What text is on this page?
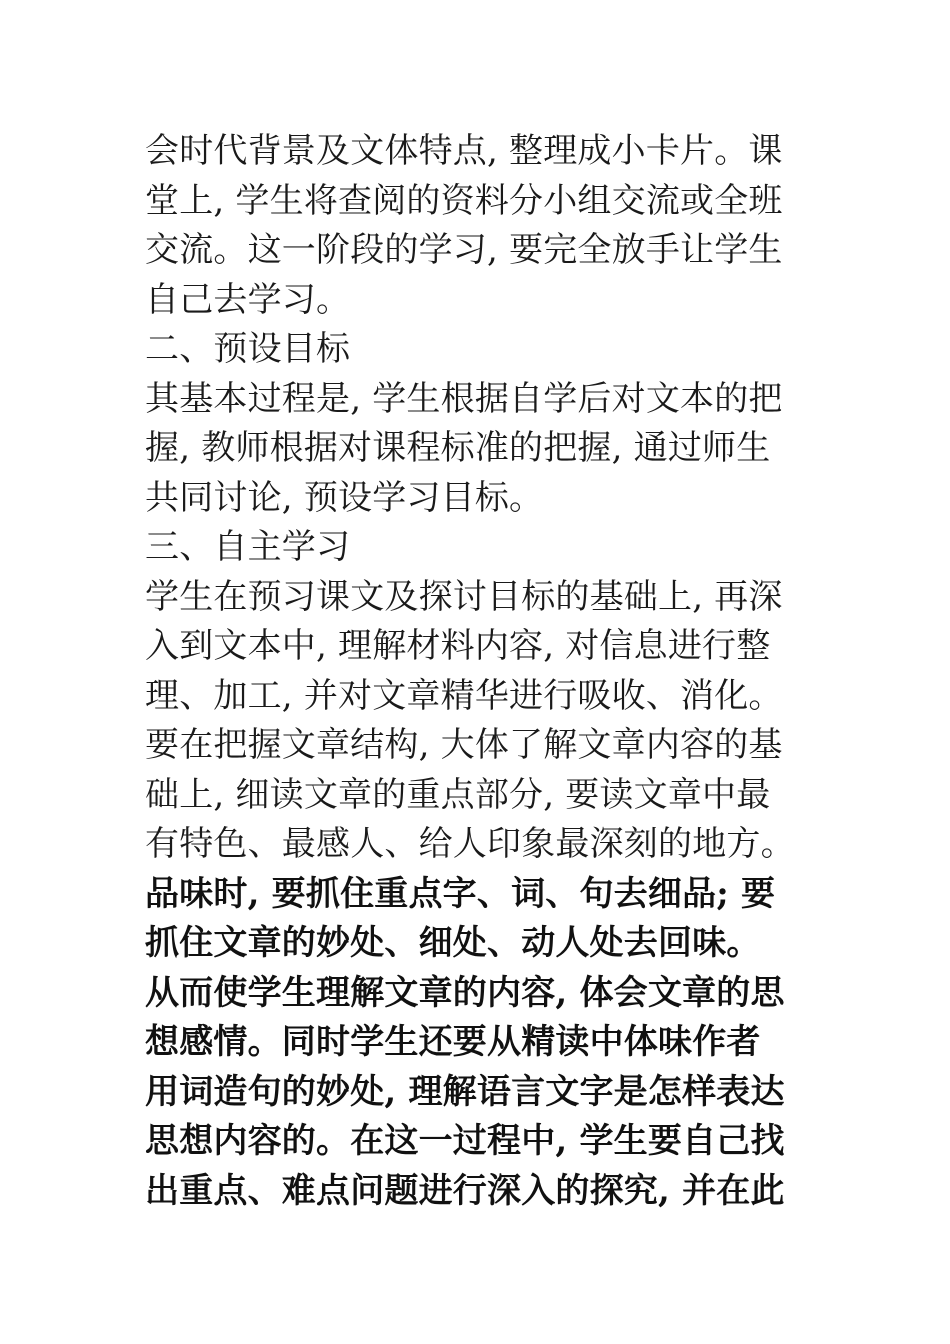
会时代背景及文体特点, 整理成小卡片。课
堂上, 学生将查阅的资料分小组交流或全班
交流。这一阶段的学习, 要完全放手让学生
自己去学习。
二、预设目标
其基本过程是, 学生根据自学后对文本的把
握, 教师根据对课程标准的把握, 通过师生
共同讨论, 预设学习目标。
三、自主学习
学生在预习课文及探讨目标的基础上, 再深
入到文本中, 理解材料内容, 对信息进行整
理、加工, 并对文章精华进行吸收、消化。
要在把握文章结构, 大体了解文章内容的基
础上, 细读文章的重点部分, 要读文章中最
有特色、最感人、给人印象最深刻的地方。
品味时, 要抓住重点字、词、句去细品; 要
抓住文章的妙处、细处、动人处去回味。
从而使学生理解文章的内容, 体会文章的思
想感情。同时学生还要从精读中体味作者
用词造句的妙处, 理解语言文字是怎样表达
思想内容的。在这一过程中, 学生要自己找
出重点、难点问题进行深入的探究, 并在此
